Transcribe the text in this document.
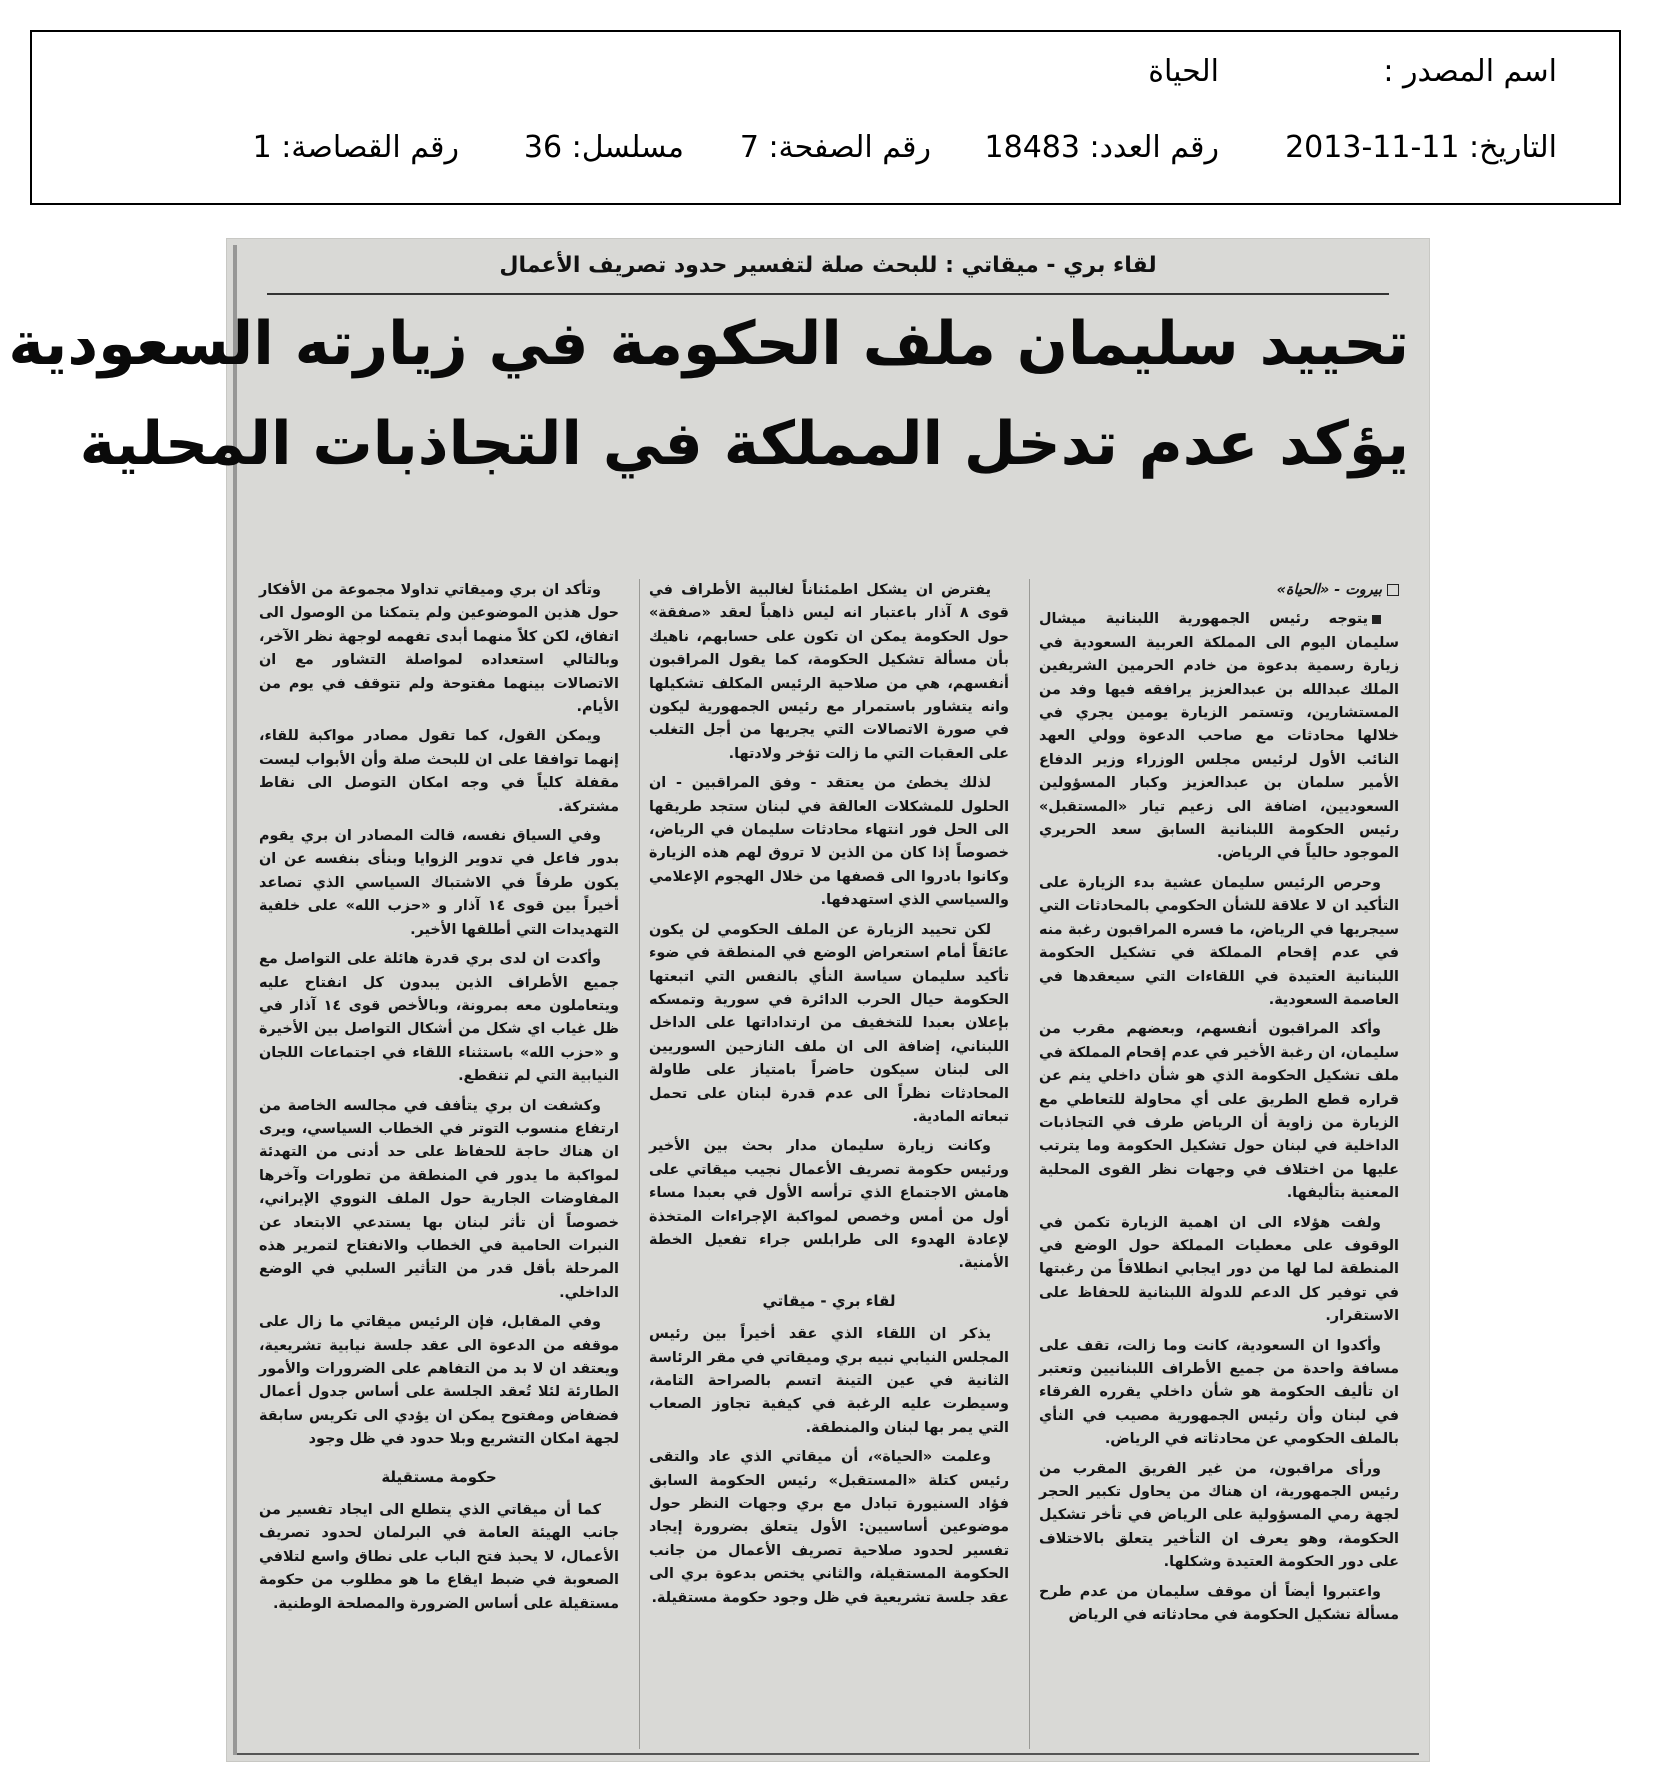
اسم المصدر :
الحياة
التاريخ: 11-11-2013
رقم العدد: 18483
رقم الصفحة: 7
مسلسل: 36
رقم القصاصة: 1
لقاء بري - ميقاتي : للبحث صلة لتفسير حدود تصريف الأعمال
تحييد سليمان ملف الحكومة في زيارته السعودية
يؤكد عدم تدخل المملكة في التجاذبات المحلية
بيروت - «الحياة»

يتوجه رئيس الجمهورية اللبنانية ميشال سليمان اليوم الى المملكة العربية السعودية في زيارة رسمية بدعوة من خادم الحرمين الشريفين الملك عبدالله بن عبدالعزيز يرافقه فيها وفد من المستشارين، وتستمر الزيارة يومين يجري في خلالها محادثات مع صاحب الدعوة وولي العهد النائب الأول لرئيس مجلس الوزراء وزير الدفاع الأمير سلمان بن عبدالعزيز وكبار المسؤولين السعوديين، اضافة الى زعيم تيار «المستقبل» رئيس الحكومة اللبنانية السابق سعد الحريري الموجود حالياً في الرياض.

وحرص الرئيس سليمان عشية بدء الزيارة على التأكيد ان لا علاقة للشأن الحكومي بالمحادثات التي سيجريها في الرياض، ما فسره المراقبون رغبة منه في عدم إقحام المملكة في تشكيل الحكومة اللبنانية العتيدة في اللقاءات التي سيعقدها في العاصمة السعودية.

وأكد المراقبون أنفسهم، وبعضهم مقرب من سليمان، ان رغبة الأخير في عدم إقحام المملكة في ملف تشكيل الحكومة الذي هو شأن داخلي ينم عن قراره قطع الطريق على أي محاولة للتعاطي مع الزيارة من زاوية أن الرياض طرف في التجاذبات الداخلية في لبنان حول تشكيل الحكومة وما يترتب عليها من اختلاف في وجهات نظر القوى المحلية المعنية بتأليفها.

ولفت هؤلاء الى ان اهمية الزيارة تكمن في الوقوف على معطيات المملكة حول الوضع في المنطقة لما لها من دور ايجابي انطلاقاً من رغبتها في توفير كل الدعم للدولة اللبنانية للحفاظ على الاستقرار.

وأكدوا ان السعودية، كانت وما زالت، تقف على مسافة واحدة من جميع الأطراف اللبنانيين وتعتبر ان تأليف الحكومة هو شأن داخلي يقرره الفرقاء في لبنان وأن رئيس الجمهورية مصيب في النأي بالملف الحكومي عن محادثاته في الرياض.

ورأى مراقبون، من غير الفريق المقرب من رئيس الجمهورية، ان هناك من يحاول تكبير الحجر لجهة رمي المسؤولية على الرياض في تأخر تشكيل الحكومة، وهو يعرف ان التأخير يتعلق بالاختلاف على دور الحكومة العتيدة وشكلها.

واعتبروا أيضاً أن موقف سليمان من عدم طرح مسألة تشكيل الحكومة في محادثاته في الرياض

يفترض ان يشكل اطمئناناً لغالبية الأطراف في قوى ٨ آذار باعتبار انه ليس ذاهباً لعقد «صفقة» حول الحكومة يمكن ان تكون على حسابهم، ناهيك بأن مسألة تشكيل الحكومة، كما يقول المراقبون أنفسهم، هي من صلاحية الرئيس المكلف تشكيلها وانه يتشاور باستمرار مع رئيس الجمهورية ليكون في صورة الاتصالات التي يجريها من أجل التغلب على العقبات التي ما زالت تؤخر ولادتها.

لذلك يخطئ من يعتقد - وفق المراقبين - ان الحلول للمشكلات العالقة في لبنان ستجد طريقها الى الحل فور انتهاء محادثات سليمان في الرياض، خصوصاً إذا كان من الذين لا تروق لهم هذه الزيارة وكانوا بادروا الى قصفها من خلال الهجوم الإعلامي والسياسي الذي استهدفها.

لكن تحييد الزيارة عن الملف الحكومي لن يكون عائقاً أمام استعراض الوضع في المنطقة في ضوء تأكيد سليمان سياسة النأي بالنفس التي اتبعتها الحكومة حيال الحرب الدائرة في سورية وتمسكه بإعلان بعبدا للتخفيف من ارتداداتها على الداخل اللبناني، إضافة الى ان ملف النازحين السوريين الى لبنان سيكون حاضراً بامتياز على طاولة المحادثات نظراً الى عدم قدرة لبنان على تحمل تبعاته المادية.

وكانت زيارة سليمان مدار بحث بين الأخير ورئيس حكومة تصريف الأعمال نجيب ميقاتي على هامش الاجتماع الذي ترأسه الأول في بعبدا مساء أول من أمس وخصص لمواكبة الإجراءات المتخذة لإعادة الهدوء الى طرابلس جراء تفعيل الخطة الأمنية.

لقاء بري - ميقاتي

يذكر ان اللقاء الذي عقد أخيراً بين رئيس المجلس النيابي نبيه بري وميقاتي في مقر الرئاسة الثانية في عين التينة اتسم بالصراحة التامة، وسيطرت عليه الرغبة في كيفية تجاوز الصعاب التي يمر بها لبنان والمنطقة.

وعلمت «الحياة»، أن ميقاتي الذي عاد والتقى رئيس كتلة «المستقبل» رئيس الحكومة السابق فؤاد السنيورة تبادل مع بري وجهات النظر حول موضوعين أساسيين: الأول يتعلق بضرورة إيجاد تفسير لحدود صلاحية تصريف الأعمال من جانب الحكومة المستقيلة، والثاني يختص بدعوة بري الى عقد جلسة تشريعية في ظل وجود حكومة مستقيلة.

وتأكد ان بري وميقاتي تداولا مجموعة من الأفكار حول هذين الموضوعين ولم يتمكنا من الوصول الى اتفاق، لكن كلاً منهما أبدى تفهمه لوجهة نظر الآخر، وبالتالي استعداده لمواصلة التشاور مع ان الاتصالات بينهما مفتوحة ولم تتوقف في يوم من الأيام.

ويمكن القول، كما تقول مصادر مواكبة للقاء، إنهما توافقا على ان للبحث صلة وأن الأبواب ليست مقفلة كلياً في وجه امكان التوصل الى نقاط مشتركة.

وفي السياق نفسه، قالت المصادر ان بري يقوم بدور فاعل في تدوير الزوايا وبنأى بنفسه عن ان يكون طرفاً في الاشتباك السياسي الذي تصاعد أخيراً بين قوى ١٤ آذار و «حزب الله» على خلفية التهديدات التي أطلقها الأخير.

وأكدت ان لدى بري قدرة هائلة على التواصل مع جميع الأطراف الذين يبدون كل انفتاح عليه ويتعاملون معه بمرونة، وبالأخص قوى ١٤ آذار في ظل غياب اي شكل من أشكال التواصل بين الأخيرة و «حزب الله» باستثناء اللقاء في اجتماعات اللجان النيابية التي لم تنقطع.

وكشفت ان بري يتأفف في مجالسه الخاصة من ارتفاع منسوب التوتر في الخطاب السياسي، ويرى ان هناك حاجة للحفاظ على حد أدنى من التهدئة لمواكبة ما يدور في المنطقة من تطورات وآخرها المفاوضات الجارية حول الملف النووي الإيراني، خصوصاً أن تأثر لبنان بها يستدعي الابتعاد عن النبرات الحامية في الخطاب والانفتاح لتمرير هذه المرحلة بأقل قدر من التأثير السلبي في الوضع الداخلي.

وفي المقابل، فإن الرئيس ميقاتي ما زال على موقفه من الدعوة الى عقد جلسة نيابية تشريعية، ويعتقد ان لا بد من التفاهم على الضرورات والأمور الطارئة لئلا تُعقد الجلسة على أساس جدول أعمال فضفاض ومفتوح يمكن ان يؤدي الى تكريس سابقة لجهة امكان التشريع وبلا حدود في ظل وجود

حكومة مستقيلة

كما أن ميقاتي الذي يتطلع الى ايجاد تفسير من جانب الهيئة العامة في البرلمان لحدود تصريف الأعمال، لا يحبذ فتح الباب على نطاق واسع لتلافي الصعوبة في ضبط ايقاع ما هو مطلوب من حكومة مستقيلة على أساس الضرورة والمصلحة الوطنية.
